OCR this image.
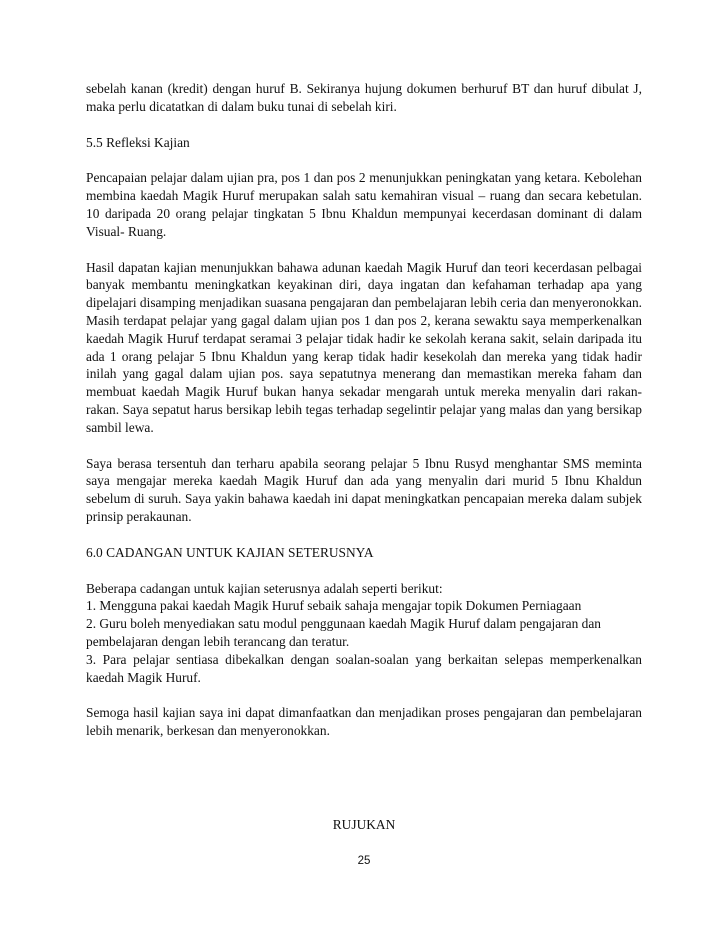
sebelah kanan (kredit) dengan huruf B. Sekiranya hujung dokumen berhuruf BT dan huruf dibulat J, maka perlu dicatatkan di dalam buku tunai di sebelah kiri.

5.5 Refleksi Kajian

Pencapaian pelajar dalam ujian pra, pos 1 dan pos 2 menunjukkan peningkatan yang ketara. Kebolehan membina kaedah Magik Huruf merupakan salah satu kemahiran visual – ruang dan secara kebetulan. 10 daripada 20 orang pelajar tingkatan 5 Ibnu Khaldun mempunyai kecerdasan dominant di dalam Visual- Ruang.

Hasil dapatan kajian menunjukkan bahawa adunan kaedah Magik Huruf dan teori kecerdasan pelbagai banyak membantu meningkatkan keyakinan diri, daya ingatan dan kefahaman terhadap apa yang dipelajari disamping menjadikan suasana pengajaran dan pembelajaran lebih ceria dan menyeronokkan. Masih terdapat pelajar yang gagal dalam ujian pos 1 dan pos 2, kerana sewaktu saya memperkenalkan kaedah Magik Huruf terdapat seramai 3 pelajar tidak hadir ke sekolah kerana sakit, selain daripada itu ada 1 orang pelajar 5 Ibnu Khaldun yang kerap tidak hadir kesekolah dan mereka yang tidak hadir inilah yang gagal dalam ujian pos. saya sepatutnya menerang dan memastikan mereka faham dan membuat kaedah Magik Huruf bukan hanya sekadar mengarah untuk mereka menyalin dari rakan-rakan. Saya sepatut harus bersikap lebih tegas terhadap segelintir pelajar yang malas dan yang bersikap sambil lewa.

Saya berasa tersentuh dan terharu apabila seorang pelajar 5 Ibnu Rusyd menghantar SMS meminta saya mengajar mereka kaedah Magik Huruf dan ada yang menyalin dari murid 5 Ibnu Khaldun sebelum di suruh. Saya yakin bahawa kaedah ini dapat meningkatkan pencapaian mereka dalam subjek prinsip perakaunan.

6.0 CADANGAN UNTUK KAJIAN SETERUSNYA

Beberapa cadangan untuk kajian seterusnya adalah seperti berikut:
1. Mengguna pakai kaedah Magik Huruf sebaik sahaja mengajar topik Dokumen Perniagaan
2. Guru boleh menyediakan satu modul penggunaan kaedah Magik Huruf dalam pengajaran dan pembelajaran dengan lebih terancang dan teratur.
3. Para pelajar sentiasa dibekalkan dengan soalan-soalan yang berkaitan selepas memperkenalkan kaedah Magik Huruf.

Semoga hasil kajian saya ini dapat dimanfaatkan dan menjadikan proses pengajaran dan pembelajaran lebih menarik, berkesan dan menyeronokkan.

RUJUKAN
25
